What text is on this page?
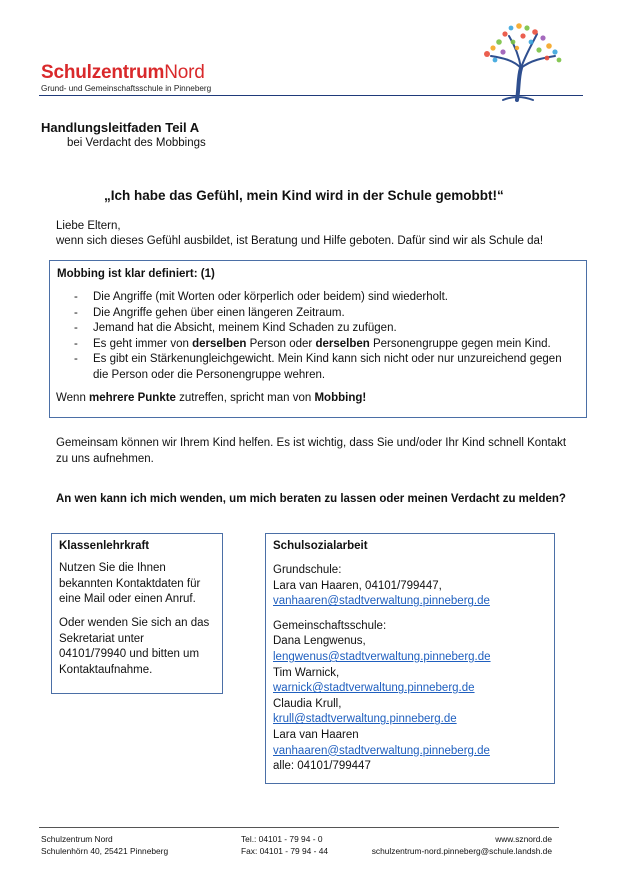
SchulzentrumNord
Grund- und Gemeinschaftsschule in Pinneberg
Handlungsleitfaden Teil A
bei Verdacht des Mobbings
„Ich habe das Gefühl, mein Kind wird in der Schule gemobbt!“
Liebe Eltern,
wenn sich dieses Gefühl ausbildet, ist Beratung und Hilfe geboten. Dafür sind wir als Schule da!
Mobbing ist klar definiert: (1)
- Die Angriffe (mit Worten oder körperlich oder beidem) sind wiederholt.
- Die Angriffe gehen über einen längeren Zeitraum.
- Jemand hat die Absicht, meinem Kind Schaden zu zufügen.
- Es geht immer von derselben Person oder derselben Personengruppe gegen mein Kind.
- Es gibt ein Stärkenungleichgewicht. Mein Kind kann sich nicht oder nur unzureichend gegen
die Person oder die Personengruppe wehren.
Wenn mehrere Punkte zutreffen, spricht man von Mobbing!
Gemeinsam können wir Ihrem Kind helfen. Es ist wichtig, dass Sie und/oder Ihr Kind schnell Kontakt
zu uns aufnehmen.
An wen kann ich mich wenden, um mich beraten zu lassen oder meinen Verdacht zu melden?
Klassenlehrkraft
Nutzen Sie die Ihnen
bekannten Kontaktdaten für
eine Mail oder einen Anruf.
Oder wenden Sie sich an das
Sekretariat unter
04101/79940 und bitten um
Kontaktaufnahme.
Schulsozialarbeit
Grundschule:
Lara van Haaren, 04101/799447,
vanhaaren@stadtverwaltung.pinneberg.de
Gemeinschaftsschule:
Dana Lengwenus,
lengwenus@stadtverwaltung.pinneberg.de
Tim Warnick,
warnick@stadtverwaltung.pinneberg.de
Claudia Krull,
krull@stadtverwaltung.pinneberg.de
Lara van Haaren
vanhaaren@stadtverwaltung.pinneberg.de
alle: 04101/799447
Schulzentrum Nord
Schulenhörn 40, 25421 Pinneberg
Tel.: 04101 - 79 94 - 0
Fax: 04101 - 79 94 - 44
www.sznord.de
schulzentrum-nord.pinneberg@schule.landsh.de
